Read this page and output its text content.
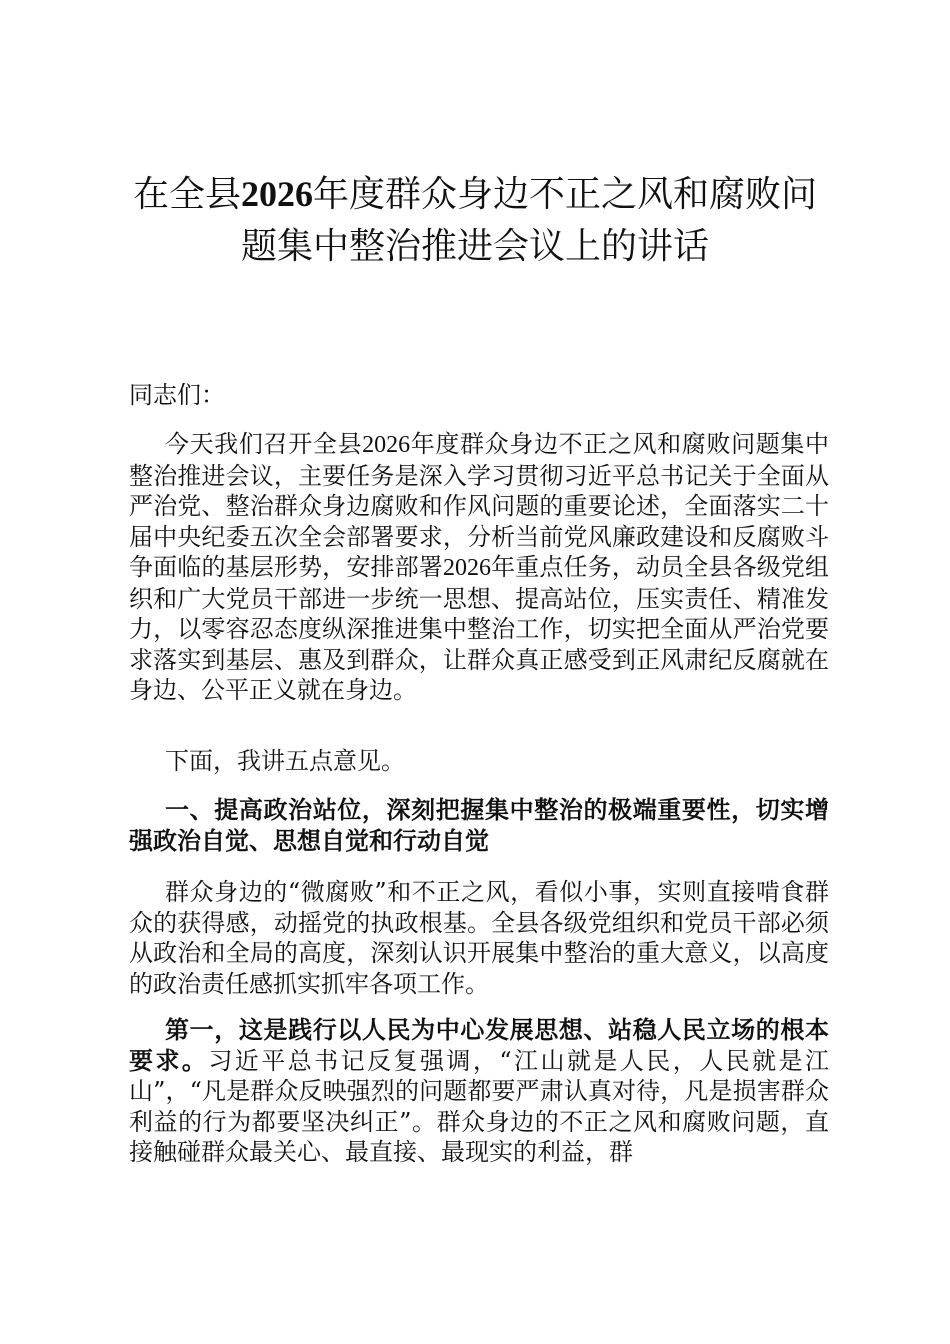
在全县2026年度群众身边不正之风和腐败问
题集中整治推进会议上的讲话
同志们：
今天我们召开全县2026年度群众身边不正之风和腐败问题集中整治推进会议，主要任务是深入学习贯彻习近平总书记关于全面从严治党、整治群众身边腐败和作风问题的重要论述，全面落实二十届中央纪委五次全会部署要求，分析当前党风廉政建设和反腐败斗争面临的基层形势，安排部署2026年重点任务，动员全县各级党组织和广大党员干部进一步统一思想、提高站位，压实责任、精准发力，以零容忍态度纵深推进集中整治工作，切实把全面从严治党要求落实到基层、惠及到群众，让群众真正感受到正风肃纪反腐就在身边、公平正义就在身边。
下面，我讲五点意见。
一、提高政治站位，深刻把握集中整治的极端重要性，切实增强政治自觉、思想自觉和行动自觉
群众身边的“微腐败”和不正之风，看似小事，实则直接啃食群众的获得感，动摇党的执政根基。全县各级党组织和党员干部必须从政治和全局的高度，深刻认识开展集中整治的重大意义，以高度的政治责任感抓实抓牢各项工作。
第一，这是践行以人民为中心发展思想、站稳人民立场的根本要求。习近平总书记反复强调，“江山就是人民，人民就是江山”，“凡是群众反映强烈的问题都要严肃认真对待，凡是损害群众利益的行为都要坚决纠正”。群众身边的不正之风和腐败问题，直接触碰群众最关心、最直接、最现实的利益，群
